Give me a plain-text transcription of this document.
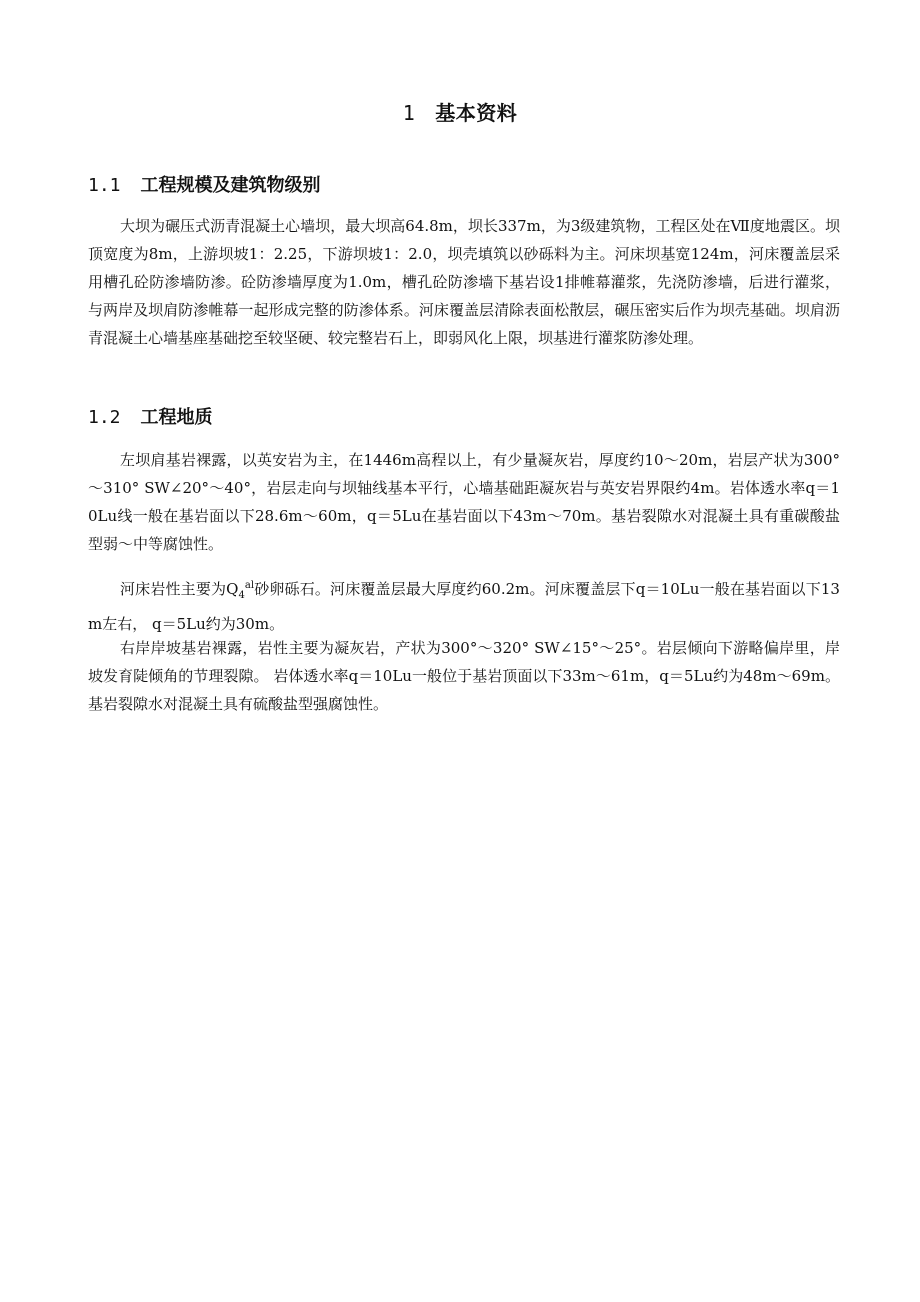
1 基本资料
1.1 工程规模及建筑物级别

大坝为碾压式沥青混凝土心墙坝，最大坝高64.8m，坝长337m，为3级建筑物，工程区处在Ⅶ度地震区。坝顶宽度为8m，上游坝坡1：2.25，下游坝坡1：2.0，坝壳填筑以砂砾料为主。河床坝基宽124m，河床覆盖层采用槽孔砼防渗墙防渗。砼防渗墙厚度为1.0m，槽孔砼防渗墙下基岩设1排帷幕灌浆，先浇防渗墙，后进行灌浆，与两岸及坝肩防渗帷幕一起形成完整的防渗体系。河床覆盖层清除表面松散层，碾压密实后作为坝壳基础。坝肩沥青混凝土心墙基座基础挖至较坚硬、较完整岩石上，即弱风化上限，坝基进行灌浆防渗处理。

1.2 工程地质

左坝肩基岩裸露，以英安岩为主，在1446m高程以上，有少量凝灰岩，厚度约10～20m，岩层产状为300°～310° SW∠20°～40°，岩层走向与坝轴线基本平行，心墙基础距凝灰岩与英安岩界限约4m。岩体透水率q＝10Lu线一般在基岩面以下28.6m～60m，q＝5Lu在基岩面以下43m～70m。基岩裂隙水对混凝土具有重碳酸盐型弱～中等腐蚀性。

河床岩性主要为$Q_4^{al}$砂卵砾石。河床覆盖层最大厚度约60.2m。河床覆盖层下q＝10Lu一般在基岩面以下13m左右， q＝5Lu约为30m。

右岸岸坡基岩裸露，岩性主要为凝灰岩，产状为300°～320° SW∠15°～25°。岩层倾向下游略偏岸里，岸坡发育陡倾角的节理裂隙。 岩体透水率q＝10Lu一般位于基岩顶面以下33m～61m，q＝5Lu约为48m～69m。基岩裂隙水对混凝土具有硫酸盐型强腐蚀性。
